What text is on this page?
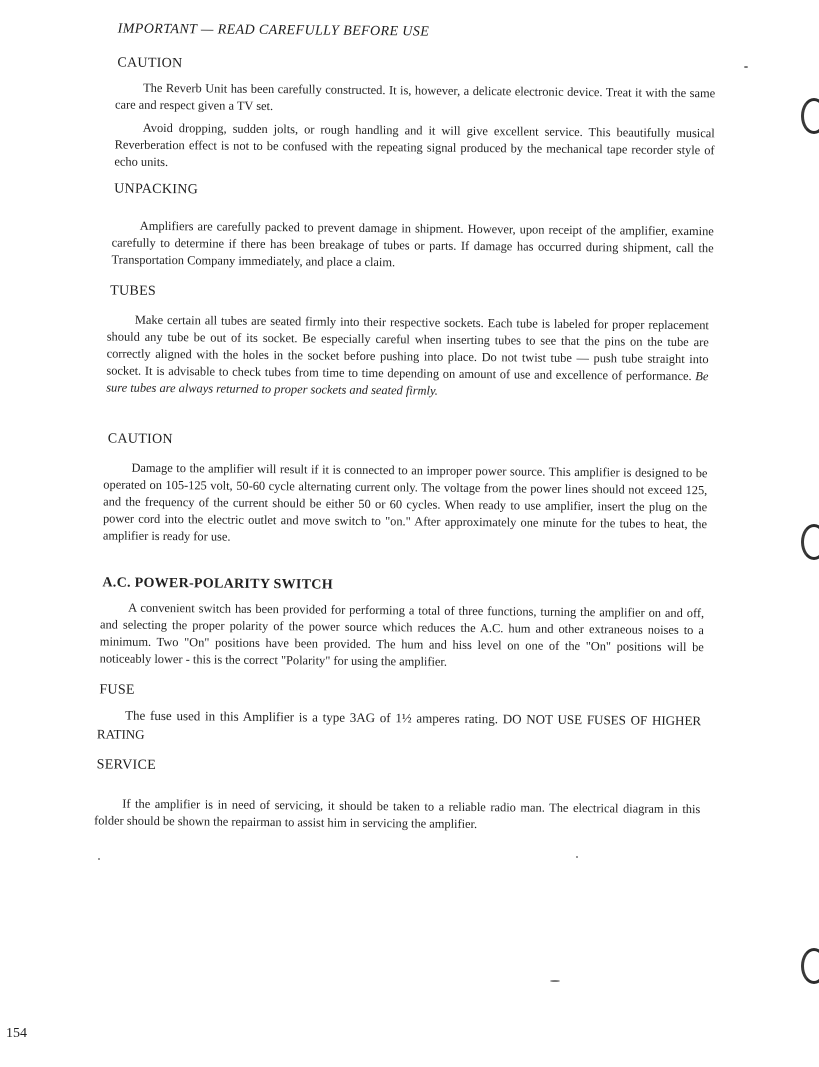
IMPORTANT — READ CAREFULLY BEFORE USE
CAUTION
The Reverb Unit has been carefully constructed. It is, however, a delicate electronic device. Treat it with the same care and respect given a TV set.
Avoid dropping, sudden jolts, or rough handling and it will give excellent service. This beautifully musical Reverberation effect is not to be confused with the repeating signal produced by the mechanical tape recorder style of echo units.
UNPACKING
Amplifiers are carefully packed to prevent damage in shipment. However, upon receipt of the amplifier, examine carefully to determine if there has been breakage of tubes or parts. If damage has occurred during shipment, call the Transportation Company immediately, and place a claim.
TUBES
Make certain all tubes are seated firmly into their respective sockets. Each tube is labeled for proper replacement should any tube be out of its socket. Be especially careful when inserting tubes to see that the pins on the tube are correctly aligned with the holes in the socket before pushing into place. Do not twist tube — push tube straight into socket. It is advisable to check tubes from time to time depending on amount of use and excellence of performance. Be sure tubes are always returned to proper sockets and seated firmly.
CAUTION
Damage to the amplifier will result if it is connected to an improper power source. This amplifier is designed to be operated on 105-125 volt, 50-60 cycle alternating current only. The voltage from the power lines should not exceed 125, and the frequency of the current should be either 50 or 60 cycles. When ready to use amplifier, insert the plug on the power cord into the electric outlet and move switch to "on." After approximately one minute for the tubes to heat, the amplifier is ready for use.
A.C. POWER-POLARITY SWITCH
A convenient switch has been provided for performing a total of three functions, turning the amplifier on and off, and selecting the proper polarity of the power source which reduces the A.C. hum and other extraneous noises to a minimum. Two "On" positions have been provided. The hum and hiss level on one of the "On" positions will be noticeably lower - this is the correct "Polarity" for using the amplifier.
FUSE
The fuse used in this Amplifier is a type 3AG of 1½ amperes rating. DO NOT USE FUSES OF HIGHER RATING
SERVICE
If the amplifier is in need of servicing, it should be taken to a reliable radio man. The electrical diagram in this folder should be shown the repairman to assist him in servicing the amplifier.
154
